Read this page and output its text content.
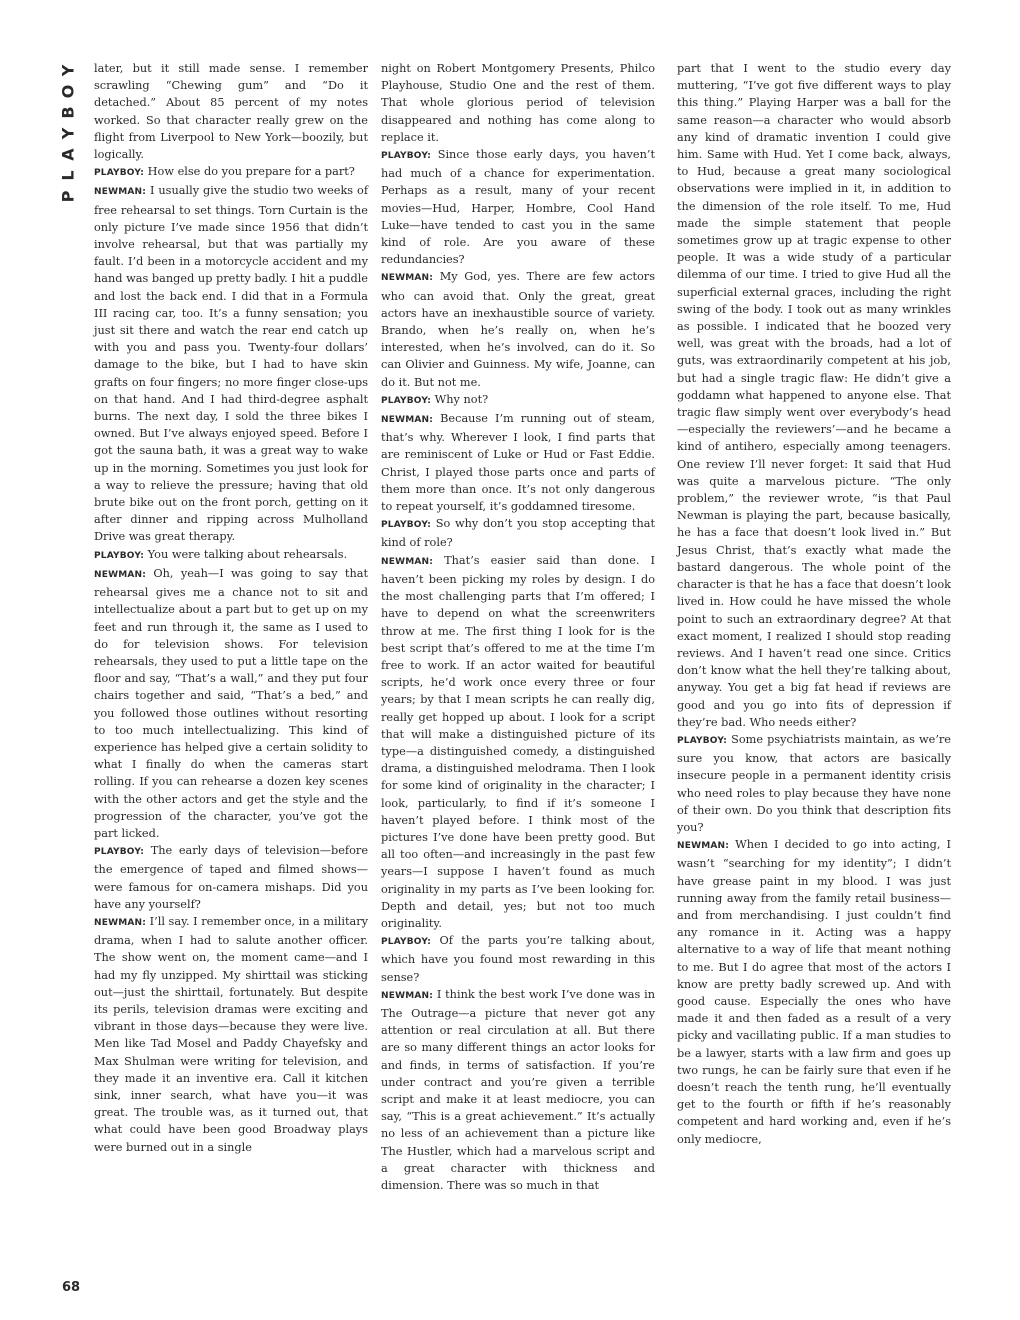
Y
O
B
Y
A
L
P

later, but it still made sense. I remember scrawling “Chewing gum” and “Do it detached.” About 85 percent of my notes worked. So that character really grew on the flight from Liverpool to New York—boozily, but logically.

PLAYBOY: How else do you prepare for a part?

NEWMAN: I usually give the studio two weeks of free rehearsal to set things. Torn Curtain is the only picture I’ve made since 1956 that didn’t involve rehearsal, but that was partially my fault. I’d been in a motorcycle accident and my hand was banged up pretty badly. I hit a puddle and lost the back end. I did that in a Formula III racing car, too. It’s a funny sensation; you just sit there and watch the rear end catch up with you and pass you. Twenty-four dollars’ damage to the bike, but I had to have skin grafts on four fingers; no more finger close-ups on that hand. And I had third-degree asphalt burns. The next day, I sold the three bikes I owned. But I’ve always enjoyed speed. Before I got the sauna bath, it was a great way to wake up in the morning. Sometimes you just look for a way to relieve the pressure; having that old brute bike out on the front porch, getting on it after dinner and ripping across Mulholland Drive was great therapy.

PLAYBOY: You were talking about rehearsals.

NEWMAN: Oh, yeah—I was going to say that rehearsal gives me a chance not to sit and intellectualize about a part but to get up on my feet and run through it, the same as I used to do for television shows. For television rehearsals, they used to put a little tape on the floor and say, “That’s a wall,” and they put four chairs together and said, “That’s a bed,” and you followed those outlines without resorting to too much intellectualizing. This kind of experience has helped give a certain solidity to what I finally do when the cameras start rolling. If you can rehearse a dozen key scenes with the other actors and get the style and the progression of the character, you’ve got the part licked.

PLAYBOY: The early days of television—before the emergence of taped and filmed shows—were famous for on-camera mishaps. Did you have any yourself?

NEWMAN: I’ll say. I remember once, in a military drama, when I had to salute another officer. The show went on, the moment came—and I had my fly unzipped. My shirttail was sticking out—just the shirttail, fortunately. But despite its perils, television dramas were exciting and vibrant in those days—because they were live. Men like Tad Mosel and Paddy Chayefsky and Max Shulman were writing for television, and they made it an inventive era. Call it kitchen sink, inner search, what have you—it was great. The trouble was, as it turned out, that what could have been good Broadway plays were burned out in a single

night on Robert Montgomery Presents, Philco Playhouse, Studio One and the rest of them. That whole glorious period of television disappeared and nothing has come along to replace it.

PLAYBOY: Since those early days, you haven’t had much of a chance for experimentation. Perhaps as a result, many of your recent movies—Hud, Harper, Hombre, Cool Hand Luke—have tended to cast you in the same kind of role. Are you aware of these redundancies?

NEWMAN: My God, yes. There are few actors who can avoid that. Only the great, great actors have an inexhaustible source of variety. Brando, when he’s really on, when he’s interested, when he’s involved, can do it. So can Olivier and Guinness. My wife, Joanne, can do it. But not me.

PLAYBOY: Why not?

NEWMAN: Because I’m running out of steam, that’s why. Wherever I look, I find parts that are reminiscent of Luke or Hud or Fast Eddie. Christ, I played those parts once and parts of them more than once. It’s not only dangerous to repeat yourself, it’s goddamned tiresome.

PLAYBOY: So why don’t you stop accepting that kind of role?

NEWMAN: That’s easier said than done. I haven’t been picking my roles by design. I do the most challenging parts that I’m offered; I have to depend on what the screenwriters throw at me. The first thing I look for is the best script that’s offered to me at the time I’m free to work. If an actor waited for beautiful scripts, he’d work once every three or four years; by that I mean scripts he can really dig, really get hopped up about. I look for a script that will make a distinguished picture of its type—a distinguished comedy, a distinguished drama, a distinguished melodrama. Then I look for some kind of originality in the character; I look, particularly, to find if it’s someone I haven’t played before. I think most of the pictures I’ve done have been pretty good. But all too often—and increasingly in the past few years—I suppose I haven’t found as much originality in my parts as I’ve been looking for. Depth and detail, yes; but not too much originality.

PLAYBOY: Of the parts you’re talking about, which have you found most rewarding in this sense?

NEWMAN: I think the best work I’ve done was in The Outrage—a picture that never got any attention or real circulation at all. But there are so many different things an actor looks for and finds, in terms of satisfaction. If you’re under contract and you’re given a terrible script and make it at least mediocre, you can say, “This is a great achievement.” It’s actually no less of an achievement than a picture like The Hustler, which had a marvelous script and a great character with thickness and dimension. There was so much in that

part that I went to the studio every day muttering, “I’ve got five different ways to play this thing.” Playing Harper was a ball for the same reason—a character who would absorb any kind of dramatic invention I could give him. Same with Hud. Yet I come back, always, to Hud, because a great many sociological observations were implied in it, in addition to the dimension of the role itself. To me, Hud made the simple statement that people sometimes grow up at tragic expense to other people. It was a wide study of a particular dilemma of our time. I tried to give Hud all the superficial external graces, including the right swing of the body. I took out as many wrinkles as possible. I indicated that he boozed very well, was great with the broads, had a lot of guts, was extraordinarily competent at his job, but had a single tragic flaw: He didn’t give a goddamn what happened to anyone else. That tragic flaw simply went over everybody’s head—especially the reviewers’—and he became a kind of antihero, especially among teenagers. One review I’ll never forget: It said that Hud was quite a marvelous picture. “The only problem,” the reviewer wrote, “is that Paul Newman is playing the part, because basically, he has a face that doesn’t look lived in.” But Jesus Christ, that’s exactly what made the bastard dangerous. The whole point of the character is that he has a face that doesn’t look lived in. How could he have missed the whole point to such an extraordinary degree? At that exact moment, I realized I should stop reading reviews. And I haven’t read one since. Critics don’t know what the hell they’re talking about, anyway. You get a big fat head if reviews are good and you go into fits of depression if they’re bad. Who needs either?

PLAYBOY: Some psychiatrists maintain, as we’re sure you know, that actors are basically insecure people in a permanent identity crisis who need roles to play because they have none of their own. Do you think that description fits you?

NEWMAN: When I decided to go into acting, I wasn’t “searching for my identity”; I didn’t have grease paint in my blood. I was just running away from the family retail business—and from merchandising. I just couldn’t find any romance in it. Acting was a happy alternative to a way of life that meant nothing to me. But I do agree that most of the actors I know are pretty badly screwed up. And with good cause. Especially the ones who have made it and then faded as a result of a very picky and vacillating public. If a man studies to be a lawyer, starts with a law firm and goes up two rungs, he can be fairly sure that even if he doesn’t reach the tenth rung, he’ll eventually get to the fourth or fifth if he’s reasonably competent and hard working and, even if he’s only mediocre,

68
